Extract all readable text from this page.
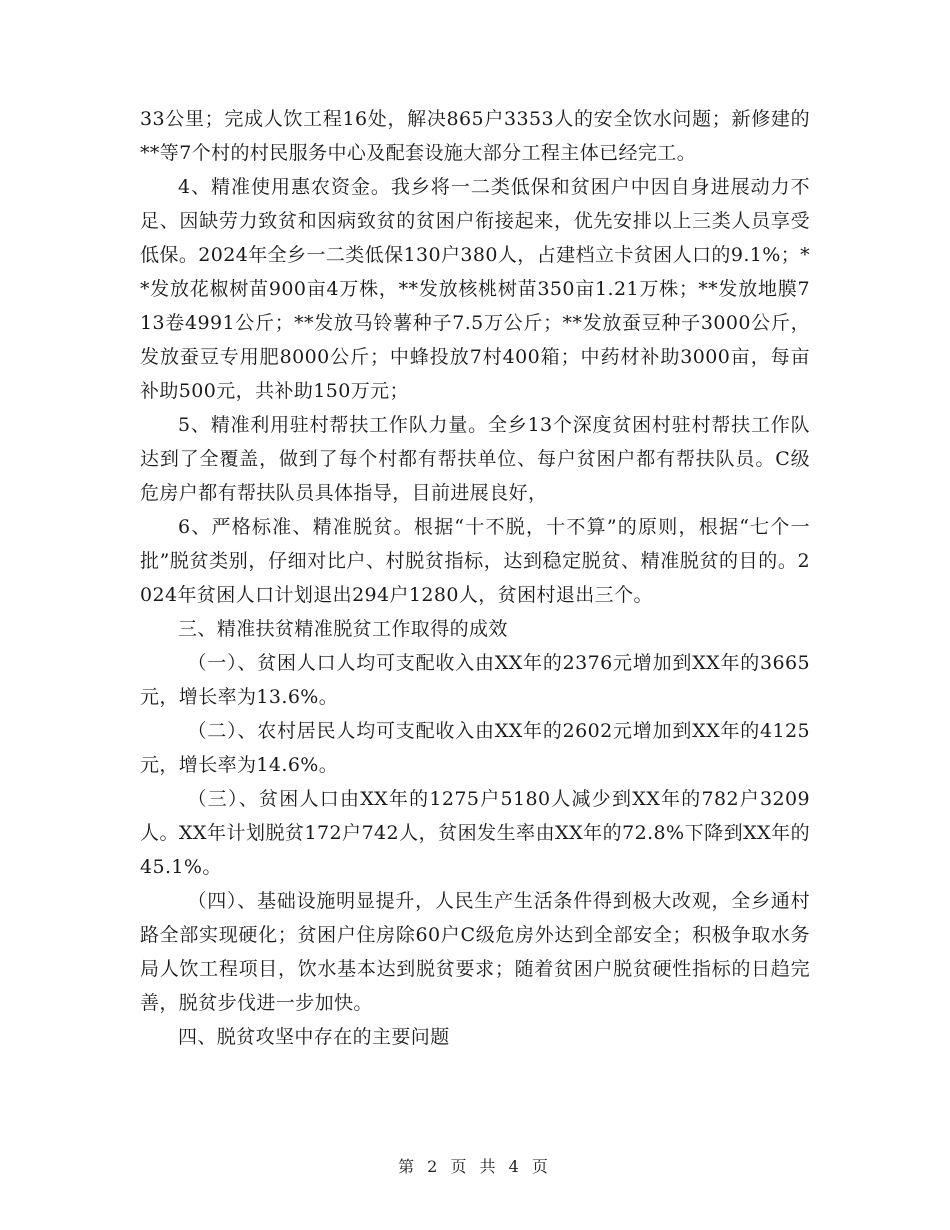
33公里；完成人饮工程16处，解决865户3353人的安全饮水问题；新修建的**等7个村的村民服务中心及配套设施大部分工程主体已经完工。

4、精准使用惠农资金。我乡将一二类低保和贫困户中因自身进展动力不足、因缺劳力致贫和因病致贫的贫困户衔接起来，优先安排以上三类人员享受低保。2024年全乡一二类低保130户380人，占建档立卡贫困人口的9.1%；**发放花椒树苗900亩4万株，**发放核桃树苗350亩1.21万株；**发放地膜713卷4991公斤；**发放马铃薯种子7.5万公斤；**发放蚕豆种子3000公斤，发放蚕豆专用肥8000公斤；中蜂投放7村400箱；中药材补助3000亩，每亩补助500元，共补助150万元；

5、精准利用驻村帮扶工作队力量。全乡13个深度贫困村驻村帮扶工作队达到了全覆盖，做到了每个村都有帮扶单位、每户贫困户都有帮扶队员。C级危房户都有帮扶队员具体指导，目前进展良好，

6、严格标准、精准脱贫。根据“十不脱，十不算”的原则，根据“七个一批”脱贫类别，仔细对比户、村脱贫指标，达到稳定脱贫、精准脱贫的目的。2024年贫困人口计划退出294户1280人，贫困村退出三个。

三、精准扶贫精准脱贫工作取得的成效

（一）、贫困人口人均可支配收入由XX年的2376元增加到XX年的3665元，增长率为13.6%。

（二）、农村居民人均可支配收入由XX年的2602元增加到XX年的4125元，增长率为14.6%。

（三）、贫困人口由XX年的1275户5180人减少到XX年的782户3209人。XX年计划脱贫172户742人，贫困发生率由XX年的72.8%下降到XX年的45.1%。

（四）、基础设施明显提升，人民生产生活条件得到极大改观，全乡通村路全部实现硬化；贫困户住房除60户C级危房外达到全部安全；积极争取水务局人饮工程项目，饮水基本达到脱贫要求；随着贫困户脱贫硬性指标的日趋完善，脱贫步伐进一步加快。

四、脱贫攻坚中存在的主要问题

第 2 页 共 4 页
